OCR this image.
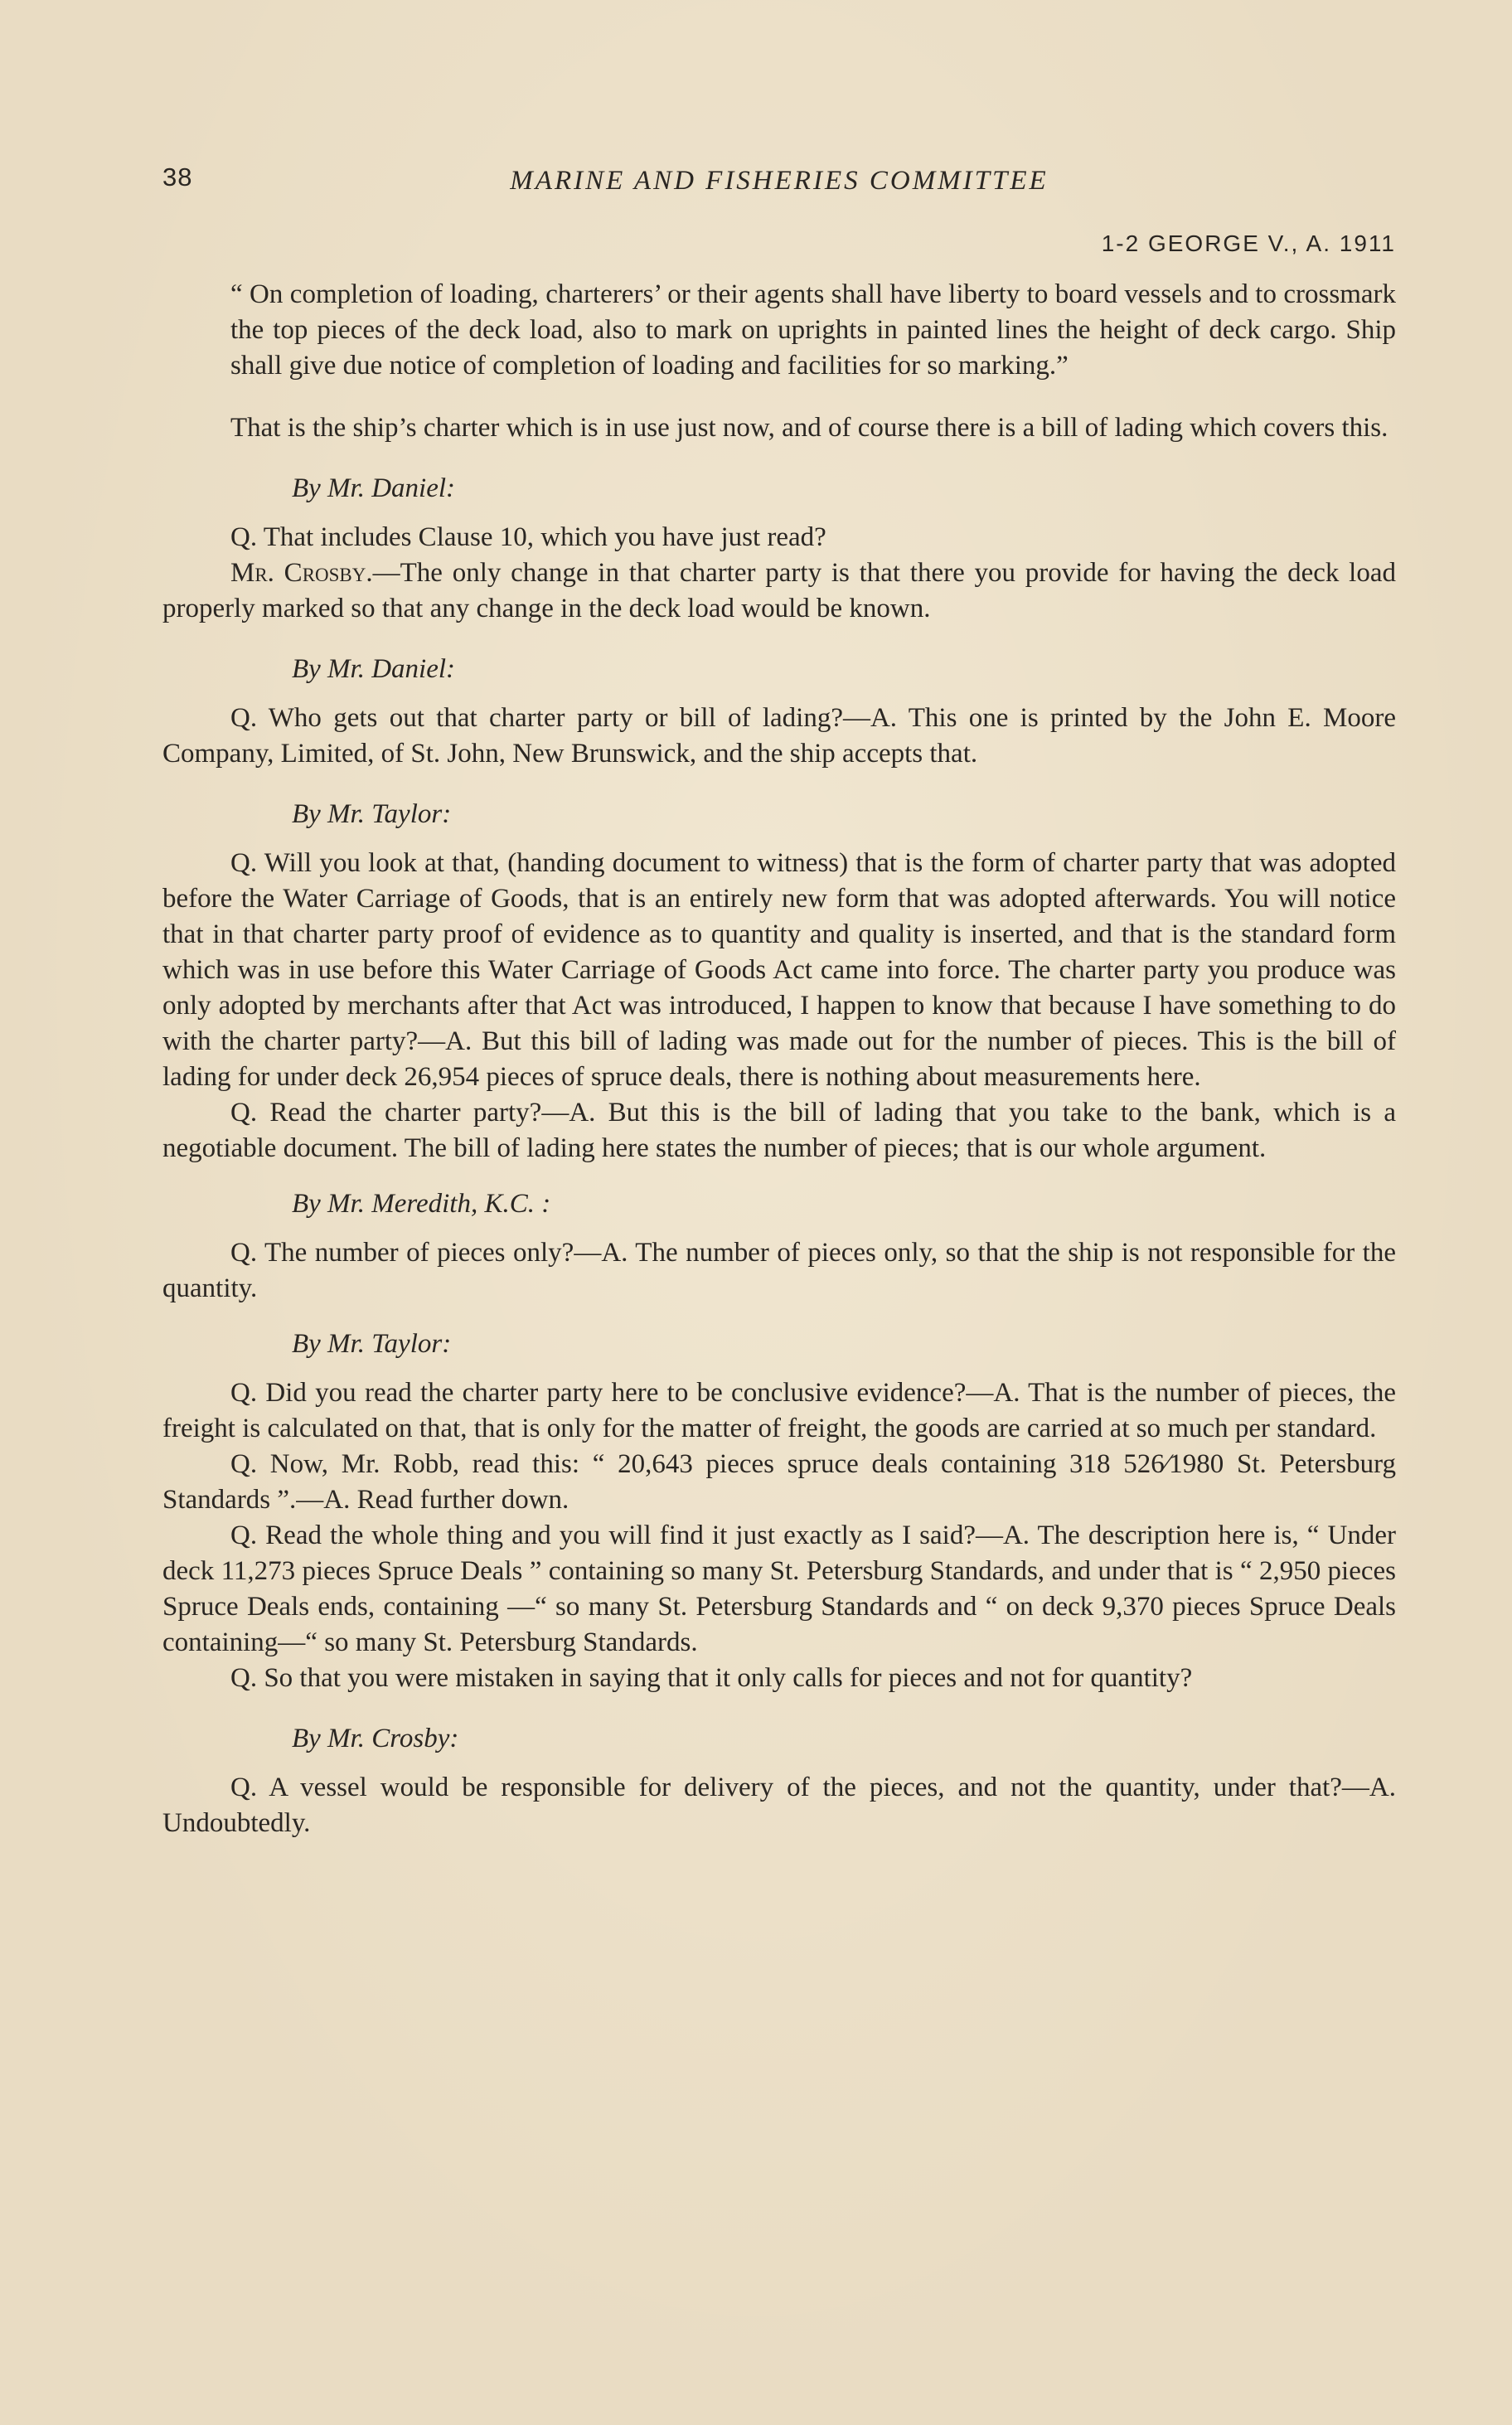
38	MARINE AND FISHERIES COMMITTEE
1-2 GEORGE V., A. 1911

“ On completion of loading, charterers’ or their agents shall have liberty to board vessels and to crossmark the top pieces of the deck load, also to mark on uprights in painted lines the height of deck cargo. Ship shall give due notice of completion of loading and facilities for so marking.”

That is the ship’s charter which is in use just now, and of course there is a bill of lading which covers this.

By Mr. Daniel:

Q. That includes Clause 10, which you have just read?

Mr. Crosby.—The only change in that charter party is that there you provide for having the deck load properly marked so that any change in the deck load would be known.

By Mr. Daniel:

Q. Who gets out that charter party or bill of lading?—A. This one is printed by the John E. Moore Company, Limited, of St. John, New Brunswick, and the ship accepts that.

By Mr. Taylor:

Q. Will you look at that, (handing document to witness) that is the form of charter party that was adopted before the Water Carriage of Goods, that is an entirely new form that was adopted afterwards. You will notice that in that charter party proof of evidence as to quantity and quality is inserted, and that is the standard form which was in use before this Water Carriage of Goods Act came into force. The charter party you produce was only adopted by merchants after that Act was introduced, I happen to know that because I have something to do with the charter party?—A. But this bill of lading was made out for the number of pieces. This is the bill of lading for under deck 26,954 pieces of spruce deals, there is nothing about measurements here.

Q. Read the charter party?—A. But this is the bill of lading that you take to the bank, which is a negotiable document. The bill of lading here states the number of pieces; that is our whole argument.

By Mr. Meredith, K.C. :

Q. The number of pieces only?—A. The number of pieces only, so that the ship is not responsible for the quantity.

By Mr. Taylor:

Q. Did you read the charter party here to be conclusive evidence?—A. That is the number of pieces, the freight is calculated on that, that is only for the matter of freight, the goods are carried at so much per standard.

Q. Now, Mr. Robb, read this: “ 20,643 pieces spruce deals containing 318 526⁄1980 St. Petersburg Standards ”.—A. Read further down.

Q. Read the whole thing and you will find it just exactly as I said?—A. The description here is, “ Under deck 11,273 pieces Spruce Deals ” containing so many St. Petersburg Standards, and under that is “ 2,950 pieces Spruce Deals ends, containing —“ so many St. Petersburg Standards and “ on deck 9,370 pieces Spruce Deals containing—“ so many St. Petersburg Standards.

Q. So that you were mistaken in saying that it only calls for pieces and not for quantity?

By Mr. Crosby:

Q. A vessel would be responsible for delivery of the pieces, and not the quantity, under that?—A. Undoubtedly.
